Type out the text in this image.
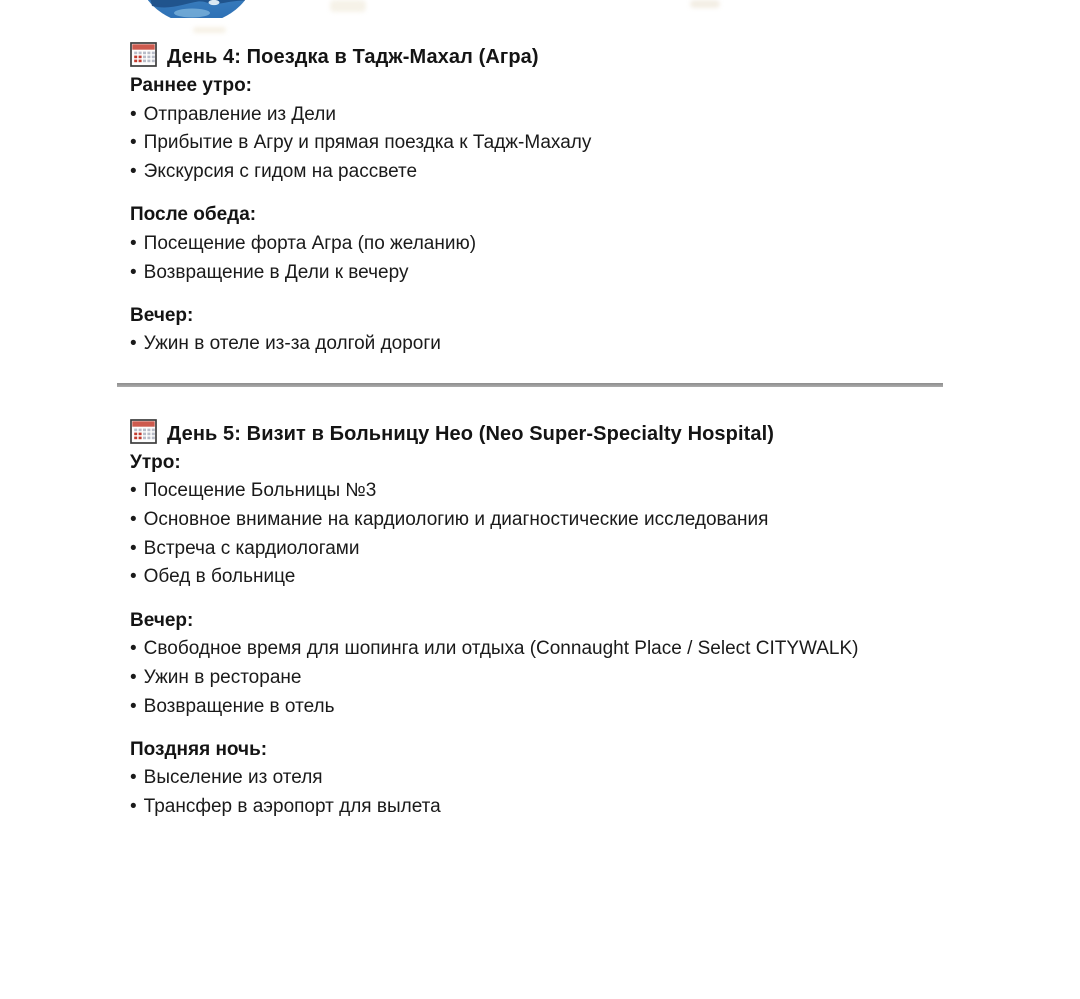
День 4: Поездка в Тадж-Махал (Агра)

Раннее утро:

• Отправление из Дели

• Прибытие в Агру и прямая поездка к Тадж-Махалу

• Экскурсия с гидом на рассвете

После обеда:

• Посещение форта Агра (по желанию)

• Возвращение в Дели к вечеру

Вечер:

• Ужин в отеле из-за долгой дороги

День 5: Визит в Больницу Нео (Neo Super-Specialty Hospital)

Утро:

• Посещение Больницы №3

• Основное внимание на кардиологию и диагностические исследования

• Встреча с кардиологами

• Обед в больнице

Вечер:

• Свободное время для шопинга или отдыха (Connaught Place / Select CITYWALK)

• Ужин в ресторане

• Возвращение в отель

Поздняя ночь:

• Выселение из отеля

• Трансфер в аэропорт для вылета
